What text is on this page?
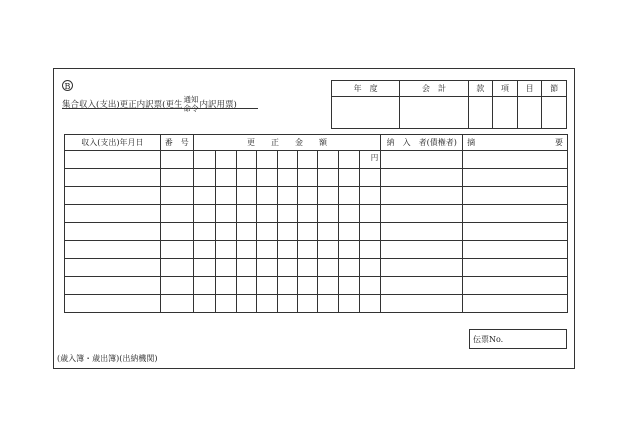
B
集合収入(支出)更正内訳票(更生
通知
命令 内訳用票)
年　度	会　計	款	項	目	節

収入(支出)年月日	番　号	更　　正　　金　　額									納　入　者(債権者)	摘 要

										円		

伝票No.
(歳入簿・歳出簿)(出納機関)
